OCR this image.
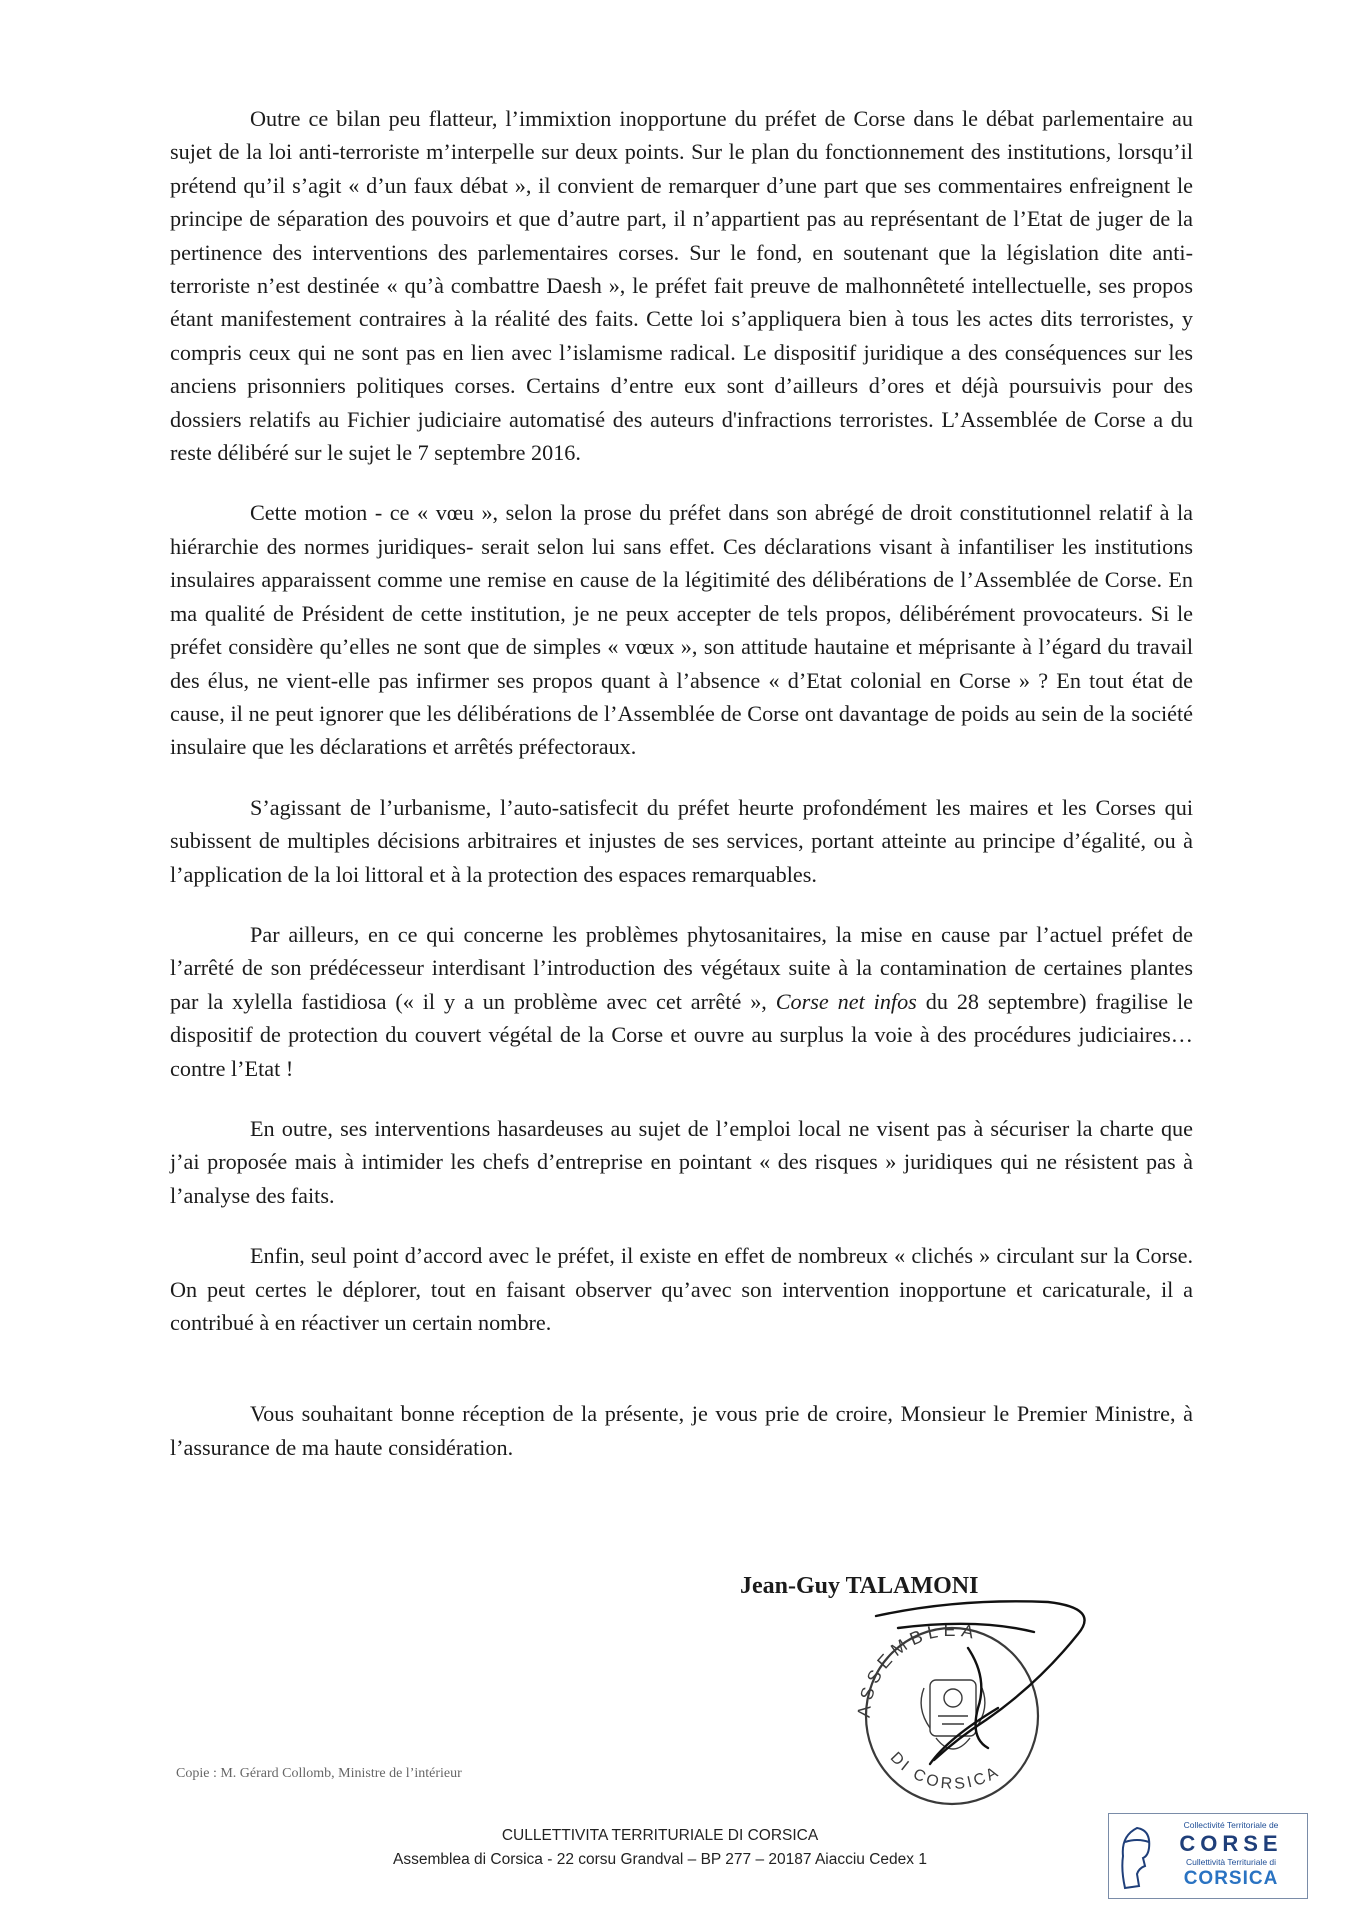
Outre ce bilan peu flatteur, l’immixtion inopportune du préfet de Corse dans le débat parlementaire au sujet de la loi anti-terroriste m’interpelle sur deux points. Sur le plan du fonctionnement des institutions, lorsqu’il prétend qu’il s’agit « d’un faux débat », il convient de remarquer d’une part que ses commentaires enfreignent le principe de séparation des pouvoirs et que d’autre part, il n’appartient pas au représentant de l’Etat de juger de la pertinence des interventions des parlementaires corses. Sur le fond, en soutenant que la législation dite anti-terroriste n’est destinée « qu’à combattre Daesh », le préfet fait preuve de malhonnêteté intellectuelle, ses propos étant manifestement contraires à la réalité des faits. Cette loi s’appliquera bien à tous les actes dits terroristes, y compris ceux qui ne sont pas en lien avec l’islamisme radical. Le dispositif juridique a des conséquences sur les anciens prisonniers politiques corses. Certains d’entre eux sont d’ailleurs d’ores et déjà poursuivis pour des dossiers relatifs au Fichier judiciaire automatisé des auteurs d'infractions terroristes. L’Assemblée de Corse a du reste délibéré sur le sujet le 7 septembre 2016.

Cette motion - ce « vœu », selon la prose du préfet dans son abrégé de droit constitutionnel relatif à la hiérarchie des normes juridiques- serait selon lui sans effet. Ces déclarations visant à infantiliser les institutions insulaires apparaissent comme une remise en cause de la légitimité des délibérations de l’Assemblée de Corse. En ma qualité de Président de cette institution, je ne peux accepter de tels propos, délibérément provocateurs. Si le préfet considère qu’elles ne sont que de simples « vœux », son attitude hautaine et méprisante à l’égard du travail des élus, ne vient-elle pas infirmer ses propos quant à l’absence « d’Etat colonial en Corse » ? En tout état de cause, il ne peut ignorer que les délibérations de l’Assemblée de Corse ont davantage de poids au sein de la société insulaire que les déclarations et arrêtés préfectoraux.

S’agissant de l’urbanisme, l’auto-satisfecit du préfet heurte profondément les maires et les Corses qui subissent de multiples décisions arbitraires et injustes de ses services, portant atteinte au principe d’égalité, ou à l’application de la loi littoral et à la protection des espaces remarquables.

Par ailleurs, en ce qui concerne les problèmes phytosanitaires, la mise en cause par l’actuel préfet de l’arrêté de son prédécesseur interdisant l’introduction des végétaux suite à la contamination de certaines plantes par la xylella fastidiosa (« il y a un problème avec cet arrêté », Corse net infos du 28 septembre) fragilise le dispositif de protection du couvert végétal de la Corse et ouvre au surplus la voie à des procédures judiciaires… contre l’Etat !

En outre, ses interventions hasardeuses au sujet de l’emploi local ne visent pas à sécuriser la charte que j’ai proposée mais à intimider les chefs d’entreprise en pointant « des risques » juridiques qui ne résistent pas à l’analyse des faits.

Enfin, seul point d’accord avec le préfet, il existe en effet de nombreux « clichés » circulant sur la Corse. On peut certes le déplorer, tout en faisant observer qu’avec son intervention inopportune et caricaturale, il a contribué à en réactiver un certain nombre.

Vous souhaitant bonne réception de la présente, je vous prie de croire, Monsieur le Premier Ministre, à l’assurance de ma haute considération.

Jean-Guy TALAMONI
ASSEMBLEA
DI CORSICA
Copie : M. Gérard Collomb, Ministre de l’intérieur
CULLETTIVITA TERRITURIALE DI CORSICA
Assemblea di Corsica - 22 corsu Grandval – BP 277 – 20187 Aiacciu Cedex 1
Collectivité Territoriale de
CORSE
Cullettività Territuriale di
CORSICA
